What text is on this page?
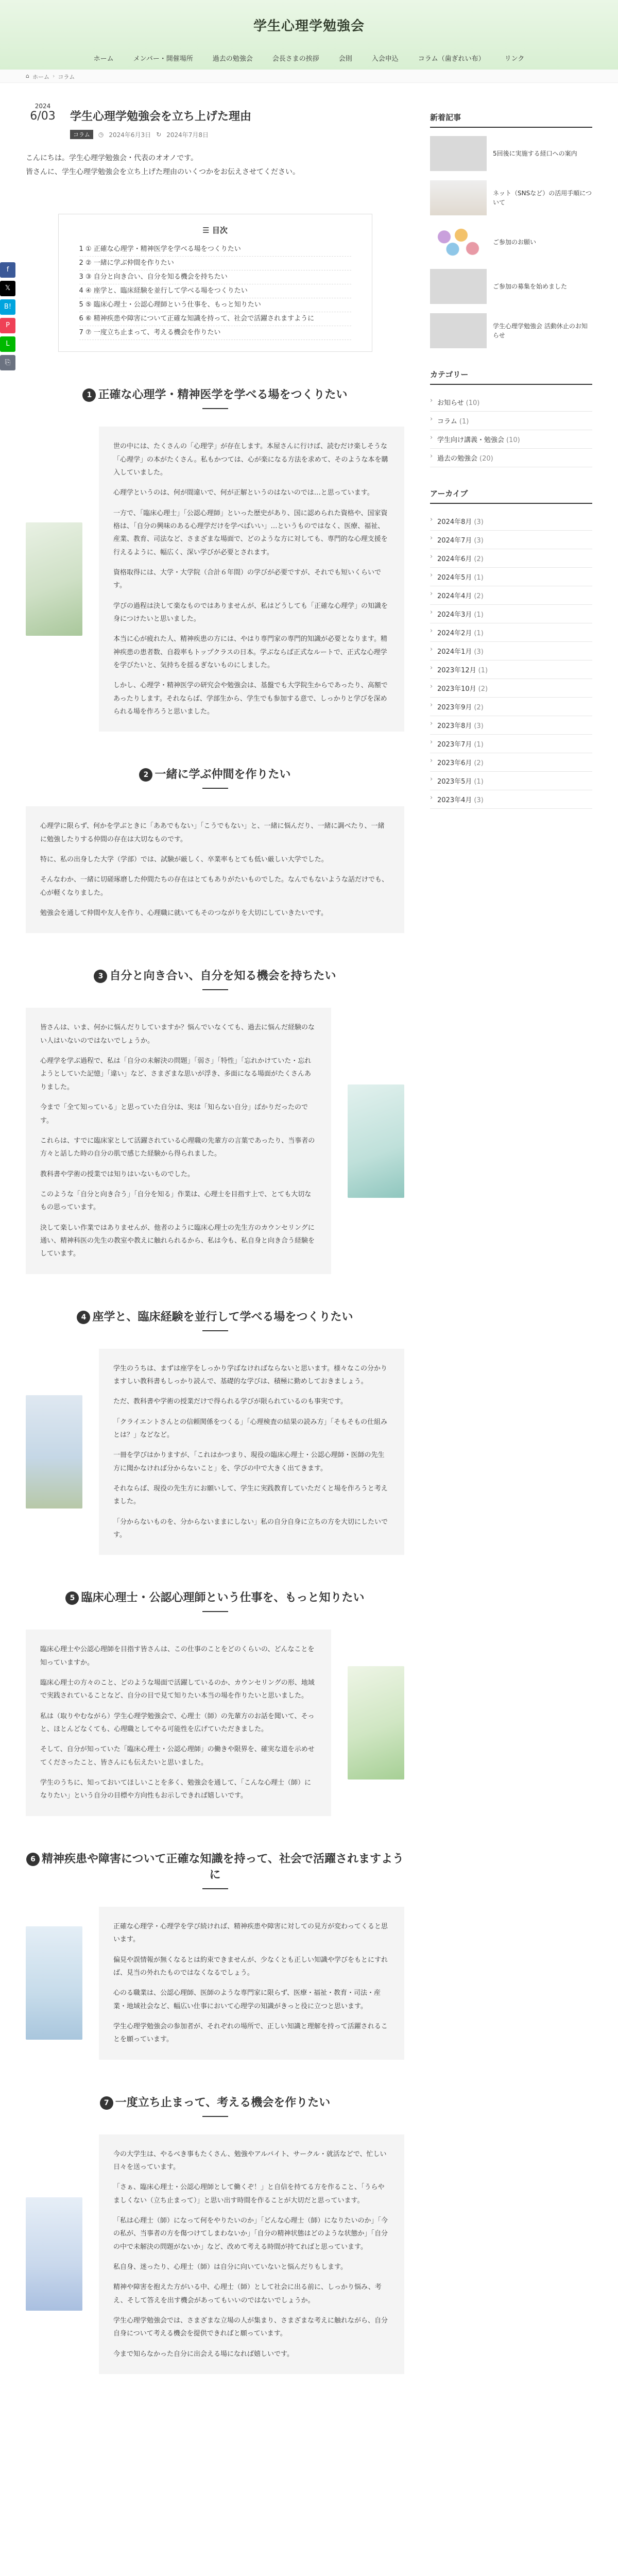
学生心理学勉強会
ホーム	メンバー・開催場所	過去の勉強会	会長さまの挨拶	会則	入会申込	コラム（歯ぎれい布）	リンク
⌂ ホーム › コラム
f
𝕏
B!
P
L
⎘
2024
6/03	学生心理学勉強会を立ち上げた理由
コラム	◷ 2024年6月3日 ↻ 2024年7月8日

こんにちは。学生心理学勉強会・代表のオオノです。

皆さんに、学生心理学勉強会を立ち上げた理由のいくつかをお伝えさせてください。

☰ 目次
1 ① 正確な心理学・精神医学を学べる場をつくりたい
2 ② 一緒に学ぶ仲間を作りたい
3 ③ 自分と向き合い、自分を知る機会を持ちたい
4 ④ 座学と、臨床経験を並行して学べる場をつくりたい
5 ⑤ 臨床心理士・公認心理師という仕事を、もっと知りたい
6 ⑥ 精神疾患や障害について正確な知識を持って、社会で活躍されますように
7 ⑦ 一度立ち止まって、考える機会を作りたい
1 正確な心理学・精神医学を学べる場をつくりたい

世の中には、たくさんの「心理学」が存在します。本屋さんに行けば、読むだけ楽しそうな「心理学」の本がたくさん。私もかつては、心が楽になる方法を求めて、そのような本を購入していました。

心理学というのは、何が間違いで、何が正解というのはないのでは…と思っています。

一方で、「臨床心理士」「公認心理師」といった歴史があり、国に認められた資格や、国家資格は、「自分の興味のある心理学だけを学べばいい」…というものではなく、医療、福祉、産業、教育、司法など、さまざまな場面で、どのような方に対しても、専門的な心理支援を行えるように、幅広く、深い学びが必要とされます。

資格取得には、大学・大学院（合計６年間）の学びが必要ですが、それでも短いくらいです。

学びの過程は決して楽なものではありませんが、私はどうしても「正確な心理学」の知識を身につけたいと思いました。

本当に心が疲れた人、精神疾患の方には、やはり専門家の専門的知識が必要となります。精神疾患の患者数、自殺率もトップクラスの日本。学ぶならば正式なルートで、正式な心理学を学びたいと、気持ちを揺るぎないものにしました。

しかし、心理学・精神医学の研究会や勉強会は、基盤でも大学院生からであったり、高額であったりします。それならば、学部生から、学生でも参加する意で、しっかりと学びを深められる場を作ろうと思いました。

2 一緒に学ぶ仲間を作りたい

心理学に限らず、何かを学ぶときに「ああでもない」「こうでもない」と、一緒に悩んだり、一緒に調べたり、一緒に勉強したりする仲間の存在は大切なものです。

特に、私の出身した大学（学部）では、試験が厳しく、卒業率もとても低い厳しい大学でした。

そんなわか、一緒に切磋琢磨した仲間たちの存在はとてもありがたいものでした。なんでもないような話だけでも、心が軽くなりました。

勉強会を通して仲間や友人を作り、心理職に就いてもそのつながりを大切にしていきたいです。

3 自分と向き合い、自分を知る機会を持ちたい

皆さんは、いま、何かに悩んだりしていますか？悩んでいなくても、過去に悩んだ経験のない人はいないのではないでしょうか。

心理学を学ぶ過程で、私は「自分の未解決の問題」「弱さ」「特性」「忘れかけていた・忘れようとしていた記憶」「違い」など、さまざまな思いが浮き、多面になる場面がたくさんありました。

今まで「全て知っている」と思っていた自分は、実は「知らない自分」ばかりだったのです。

これらは、すでに臨床家として活躍されている心理職の先輩方の言葉であったり、当事者の方々と話した時の自分の肌で感じた経験から得られました。

教科書や学術の授業では知りはいないものでした。

このような「自分と向き合う」「自分を知る」作業は、心理士を目指す上で、とても大切なもの思っています。

決して楽しい作業ではありませんが、他者のように臨床心理士の先生方のカウンセリングに通い、精神科医の先生の教室や教えに触れられるから、私は今も、私自身と向き合う経験をしています。

4 座学と、臨床経験を並行して学べる場をつくりたい

学生のうちは、まずは座学をしっかり学ばなければならないと思います。様々なこの分かりますしい教科書もしっかり読んで、基礎的な学びは、積極に勤めしておきましょう。

ただ、教科書や学術の授業だけで得られる学びが限られているのも事実です。

「クライエントさんとの信頼関係をつくる」「心理検査の結果の読み方」「そもそもの仕組みとは？」などなど。

一冊を学びはかりますが、「これはかつまり、現役の臨床心理士・公認心理師・医師の先生方に聞かなければ分からないこと」を、学びの中で大きく出てきます。

それならば、現役の先生方にお願いして、学生に実践教育していただくと場を作ろうと考えました。

「分からないものを、分からないままにしない」私の自分自身に立ちの方を大切にしたいです。

5 臨床心理士・公認心理師という仕事を、もっと知りたい

臨床心理士や公認心理師を目指す皆さんは、この仕事のことをどのくらいの、どんなことを知っていますか。

臨床心理士の方々のこと、どのような場面で活躍しているのか、カウンセリングの形、地域で実践されていることなど、自分の目で見て知りたい本当の場を作りたいと思いました。

私は（取りやむながら）学生心理学勉強会で、心理士（師）の先輩方のお話を聞いて、そっと、ほとんどなくても、心理職としてやる可能性を広げていただきました。

そして、自分が知っていた「臨床心理士・公認心理師」の働きや限界を、確実な道を示めせてくださったこと、皆さんにも伝えたいと思いました。

学生のうちに、知っておいてほしいことを多く、勉強会を通して、「こんな心理士（師）になりたい」という自分の目標や方向性もお示しできれば嬉しいです。

6 精神疾患や障害について正確な知識を持って、社会で活躍されますように

正確な心理学・心理学を学び続ければ、精神疾患や障害に対しての見方が変わってくると思います。

偏見や誤情報が無くなるとは約束できませんが、少なくとも正しい知識や学びをもとにすれば、見当の外れたものではなくなるでしょう。

心のる職業は、公認心理師、医師のような専門家に限らず、医療・福祉・教育・司法・産業・地域社会など、幅広い仕事において心理学の知識がきっと役に立つと思います。

学生心理学勉強会の参加者が、それぞれの場所で、正しい知識と理解を持って活躍されることを願っています。

7 一度立ち止まって、考える機会を作りたい

今の大学生は、やるべき事もたくさん、勉強やアルバイト、サークル・就活などで、忙しい日々を送っています。

「さぁ、臨床心理士・公認心理師として働くぞ！」と自信を持てる方を作ること、「うらやましくない（立ち止まって）」と思い出す時間を作ることが大切だと思っています。

「私は心理士（師）になって何をやりたいのか」「どんな心理士（師）になりたいのか」「今の私が、当事者の方を傷つけてしまわないか」「自分の精神状態はどのような状態か」「自分の中で未解決の問題がないか」など、改めて考える時間が持てればと思っています。

私自身、迷ったり、心理士（師）は自分に向いていないと悩んだりもします。

精神や障害を抱えた方がいる中、心理士（師）として社会に出る前に、しっかり悩み、考え、そして答えを出す機会があってもいいのではないでしょうか。

学生心理学勉強会では、さまざまな立場の人が集まり、さまざまな考えに触れながら、自分自身について考える機会を提供できればと願っています。

今まで知らなかった自分に出会える場になれば嬉しいです。

新着記事
5回後に実施する経口への案内
ネット（SNSなど）の活用手順について
ご参加のお願い
ご参加の募集を始めました
学生心理学勉強会 活動休止のお知らせ
カテゴリー
› お知らせ (10)
› コラム (1)
› 学生向け講義・勉強会 (10)
› 過去の勉強会 (20)
アーカイブ
› 2024年8月 (3)
› 2024年7月 (3)
› 2024年6月 (2)
› 2024年5月 (1)
› 2024年4月 (2)
› 2024年3月 (1)
› 2024年2月 (1)
› 2024年1月 (3)
› 2023年12月 (1)
› 2023年10月 (2)
› 2023年9月 (2)
› 2023年8月 (3)
› 2023年7月 (1)
› 2023年6月 (2)
› 2023年5月 (1)
› 2023年4月 (3)
